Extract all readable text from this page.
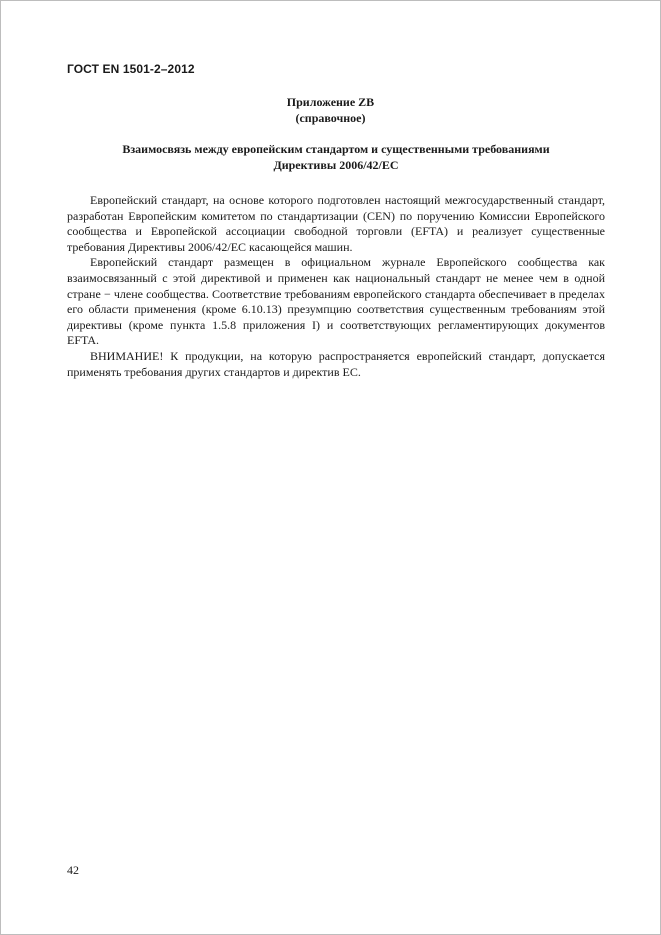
ГОСТ EN 1501-2–2012
Приложение ZB
(справочное)
Взаимосвязь между европейским стандартом и существенными требованиями
Директивы 2006/42/EC

Европейский стандарт, на основе которого подготовлен настоящий межгосударственный стандарт, разработан Европейским комитетом по стандартизации (CEN) по поручению Комиссии Европейского сообщества и Европейской ассоциации свободной торговли (EFTA) и реализует существенные требования Директивы 2006/42/EC касающейся машин.

Европейский стандарт размещен в официальном журнале Европейского сообщества как взаимосвязанный с этой директивой и применен как национальный стандарт не менее чем в одной стране − члене сообщества. Соответствие требованиям европейского стандарта обеспечивает в пределах его области применения (кроме 6.10.13) презумпцию соответствия существенным требованиям этой директивы (кроме пункта 1.5.8 приложения I) и соответствующих регламентирующих документов EFTA.

ВНИМАНИЕ! К продукции, на которую распространяется европейский стандарт, допускается применять требования других стандартов и директив ЕС.

42
